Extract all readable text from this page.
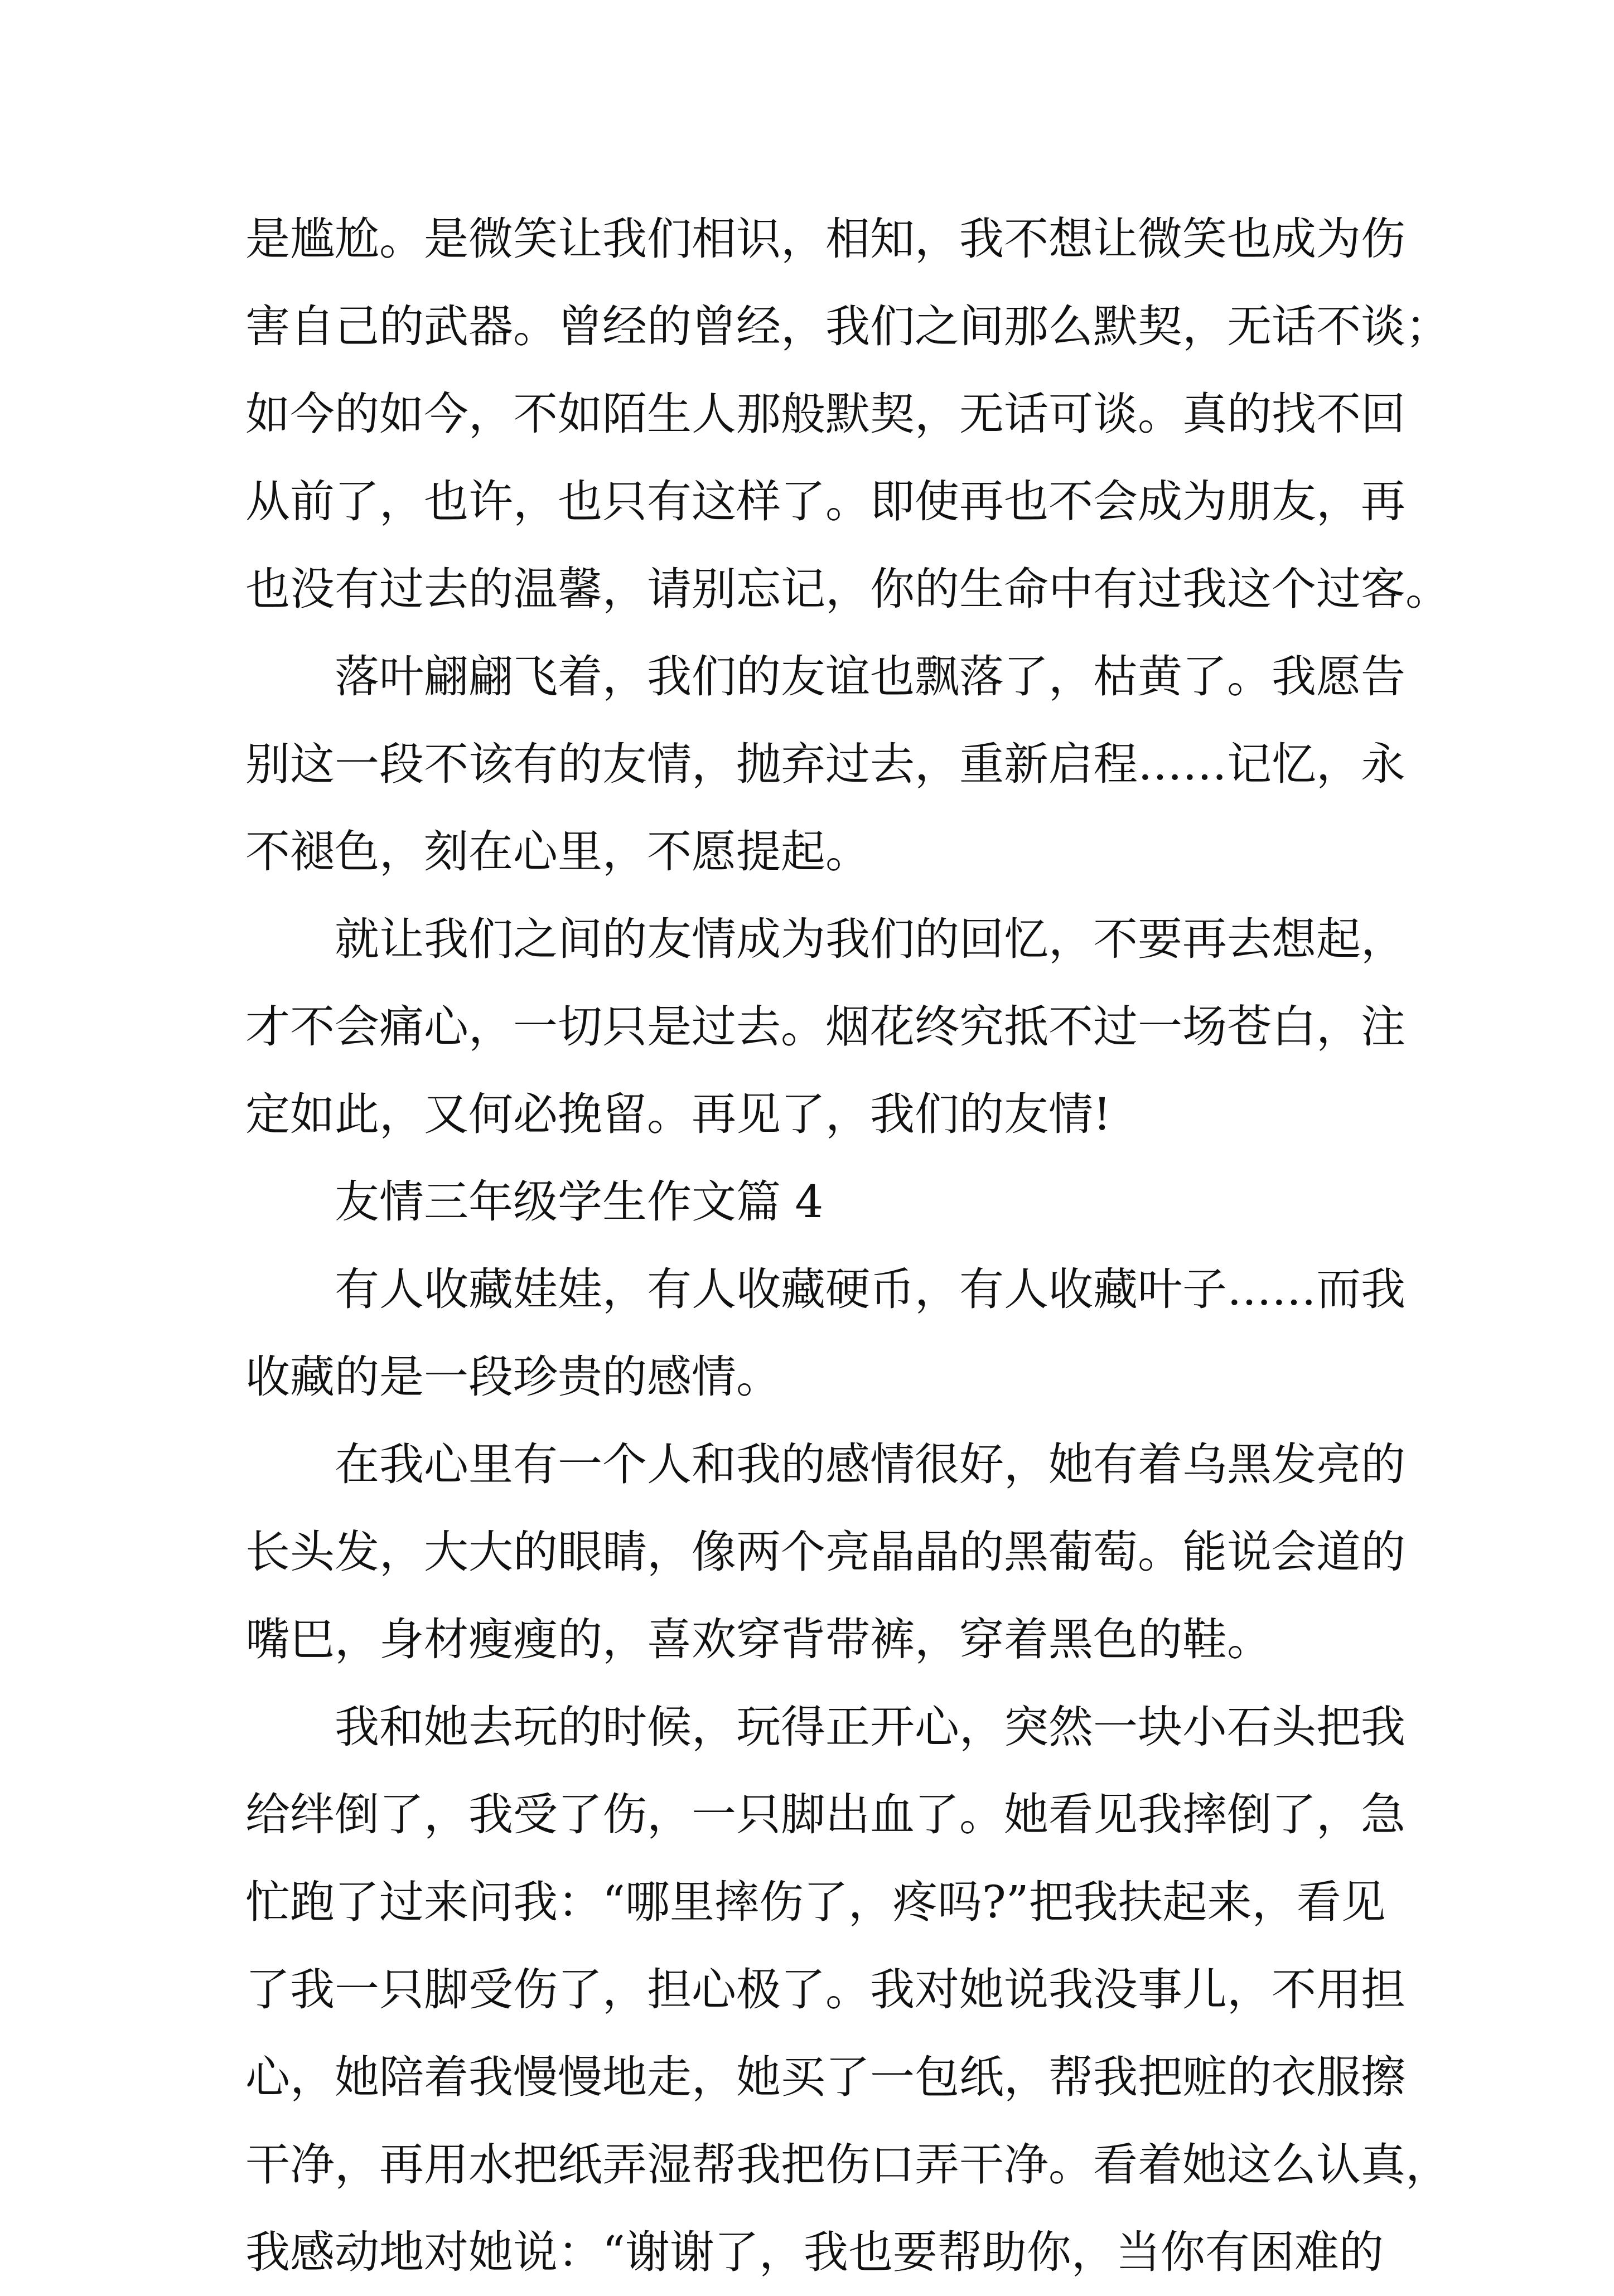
是尴尬。是微笑让我们相识，相知，我不想让微笑也成为伤
害自己的武器。曾经的曾经，我们之间那么默契，无话不谈；
如今的如今，不如陌生人那般默契，无话可谈。真的找不回
从前了，也许，也只有这样了。即使再也不会成为朋友，再
也没有过去的温馨，请别忘记，你的生命中有过我这个过客。
落叶翩翩飞着，我们的友谊也飘落了，枯黄了。我愿告
别这一段不该有的友情，抛弃过去，重新启程……记忆，永
不褪色，刻在心里，不愿提起。
就让我们之间的友情成为我们的回忆，不要再去想起，
才不会痛心，一切只是过去。烟花终究抵不过一场苍白，注
定如此，又何必挽留。再见了，我们的友情!
友情三年级学生作文篇 4
有人收藏娃娃，有人收藏硬币，有人收藏叶子……而我
收藏的是一段珍贵的感情。
在我心里有一个人和我的感情很好，她有着乌黑发亮的
长头发，大大的眼睛，像两个亮晶晶的黑葡萄。能说会道的
嘴巴，身材瘦瘦的，喜欢穿背带裤，穿着黑色的鞋。
我和她去玩的时候，玩得正开心，突然一块小石头把我
给绊倒了，我受了伤，一只脚出血了。她看见我摔倒了，急
忙跑了过来问我：“哪里摔伤了，疼吗?”把我扶起来，看见
了我一只脚受伤了，担心极了。我对她说我没事儿，不用担
心，她陪着我慢慢地走，她买了一包纸，帮我把赃的衣服擦
干净，再用水把纸弄湿帮我把伤口弄干净。看着她这么认真，
我感动地对她说：“谢谢了，我也要帮助你，当你有困难的
